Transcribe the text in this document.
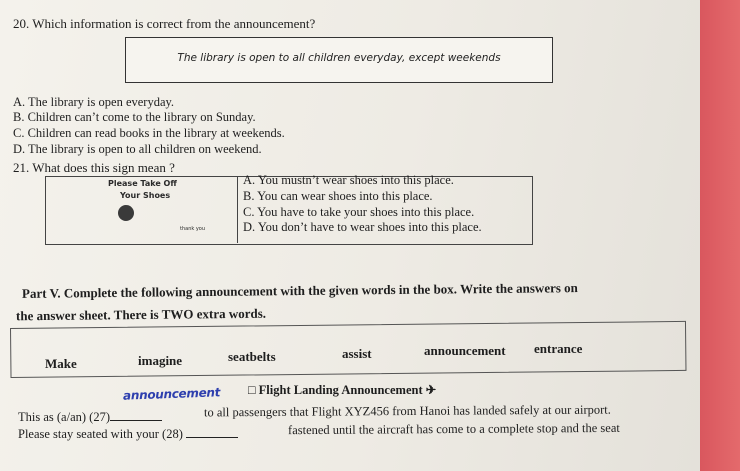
20. Which information is correct from the announcement?
The library is open to all children everyday, except weekends
A. The library is open everyday.
B. Children can’t come to the library on Sunday.
C. Children can read books in the library at weekends.
D. The library is open to all children on weekend.
21. What does this sign mean ?
Please Take Off
Your Shoes
thank you
A. You mustn’t wear shoes into this place.
B. You can wear shoes into this place.
C. You have to take your shoes into this place.
D. You don’t have to wear shoes into this place.
Part V. Complete the following announcement with the given words in the box. Write the answers on
the answer sheet. There is TWO extra words.
Make	imagine	seatbelts	assist	announcement entrance
announcement □ Flight Landing Announcement ✈
This as (a/an) (27)	to all passengers that Flight XYZ456 from Hanoi has landed safely at our airport.
Please stay seated with your (28)	fastened until the aircraft has come to a complete stop and the seat
